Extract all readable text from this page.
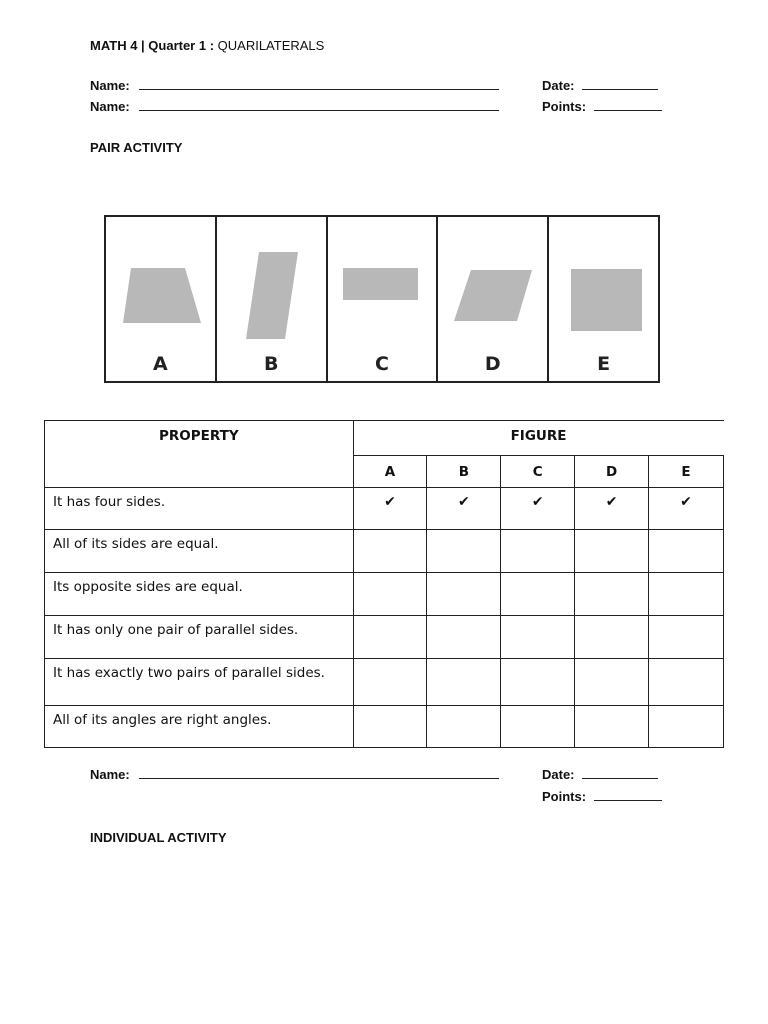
MATH 4 | Quarter 1 : QUARILATERALS
Name:	Date:
Name:	Points:
PAIR ACTIVITY
A	B	C	D	E
PROPERTY	FIGURE				
	A	B	C	D	E
It has four sides.	✔	✔	✔	✔	✔
All of its sides are equal.					
Its opposite sides are equal.					
It has only one pair of parallel sides.					
It has exactly two pairs of parallel sides.					
All of its angles are right angles.					
Name:	Date:
Points:
INDIVIDUAL ACTIVITY
